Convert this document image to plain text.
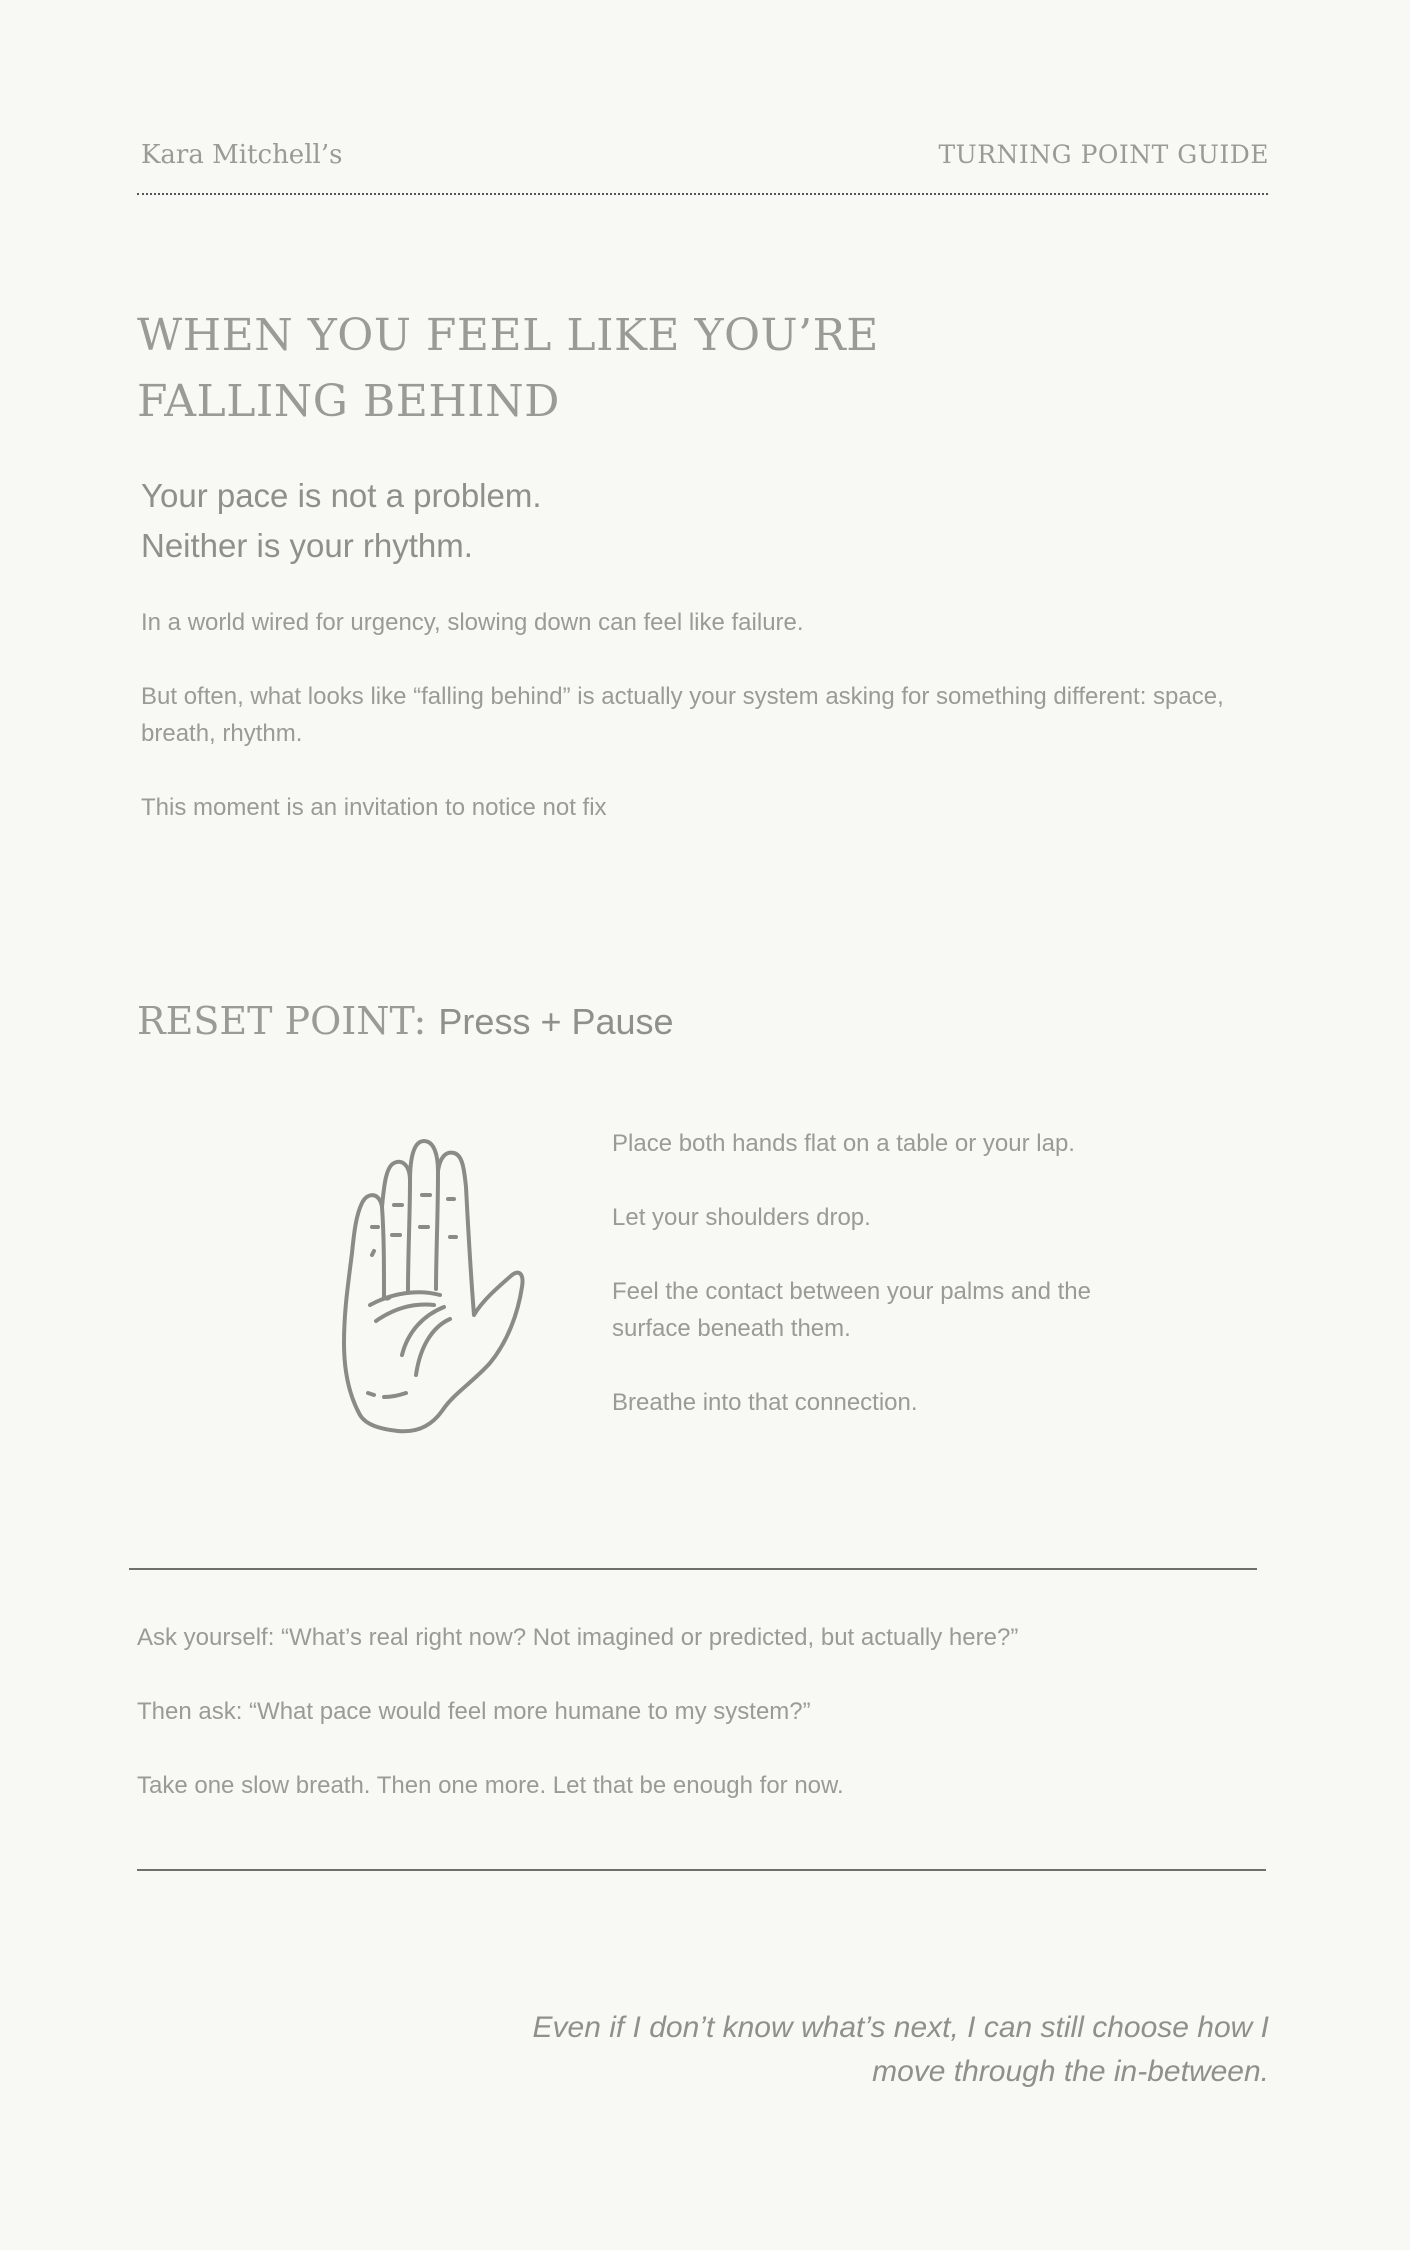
Kara Mitchell’s	TURNING POINT GUIDE
WHEN YOU FEEL LIKE YOU’RE
FALLING BEHIND
Your pace is not a problem.
Neither is your rhythm.
In a world wired for urgency, slowing down can feel like failure.
But often, what looks like “falling behind” is actually your system asking for something different: space, breath, rhythm.
This moment is an invitation to notice not fix
RESET POINT: Press + Pause
Place both hands flat on a table or your lap.
Let your shoulders drop.
Feel the contact between your palms and the surface beneath them.
Breathe into that connection.
Ask yourself: “What’s real right now? Not imagined or predicted, but actually here?”
Then ask: “What pace would feel more humane to my system?”
Take one slow breath. Then one more. Let that be enough for now.
Even if I don’t know what’s next, I can still choose how I
move through the in-between.
